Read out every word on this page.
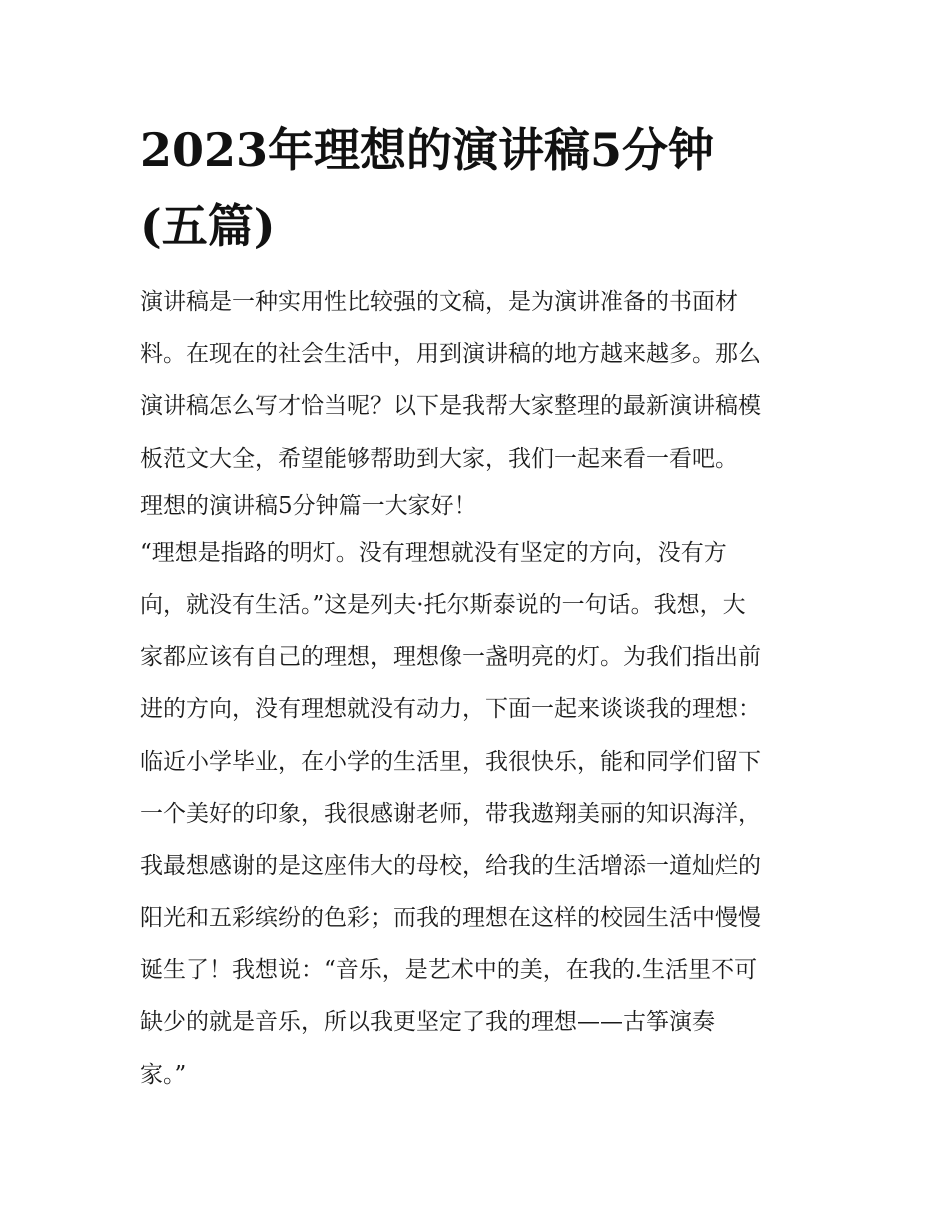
2023年理想的演讲稿5分钟
(五篇)
演讲稿是一种实用性比较强的文稿，是为演讲准备的书面材
料。在现在的社会生活中，用到演讲稿的地方越来越多。那么
演讲稿怎么写才恰当呢？以下是我帮大家整理的最新演讲稿模
板范文大全，希望能够帮助到大家，我们一起来看一看吧。
理想的演讲稿5分钟篇一大家好！
“理想是指路的明灯。没有理想就没有坚定的方向，没有方
向，就没有生活。”这是列夫·托尔斯泰说的一句话。我想，大
家都应该有自己的理想，理想像一盏明亮的灯。为我们指出前
进的方向，没有理想就没有动力，下面一起来谈谈我的理想：
临近小学毕业，在小学的生活里，我很快乐，能和同学们留下
一个美好的印象，我很感谢老师，带我遨翔美丽的知识海洋，
我最想感谢的是这座伟大的母校，给我的生活增添一道灿烂的
阳光和五彩缤纷的色彩；而我的理想在这样的校园生活中慢慢
诞生了！我想说：“音乐，是艺术中的美，在我的.生活里不可
缺少的就是音乐，所以我更坚定了我的理想——古筝演奏
家。”
